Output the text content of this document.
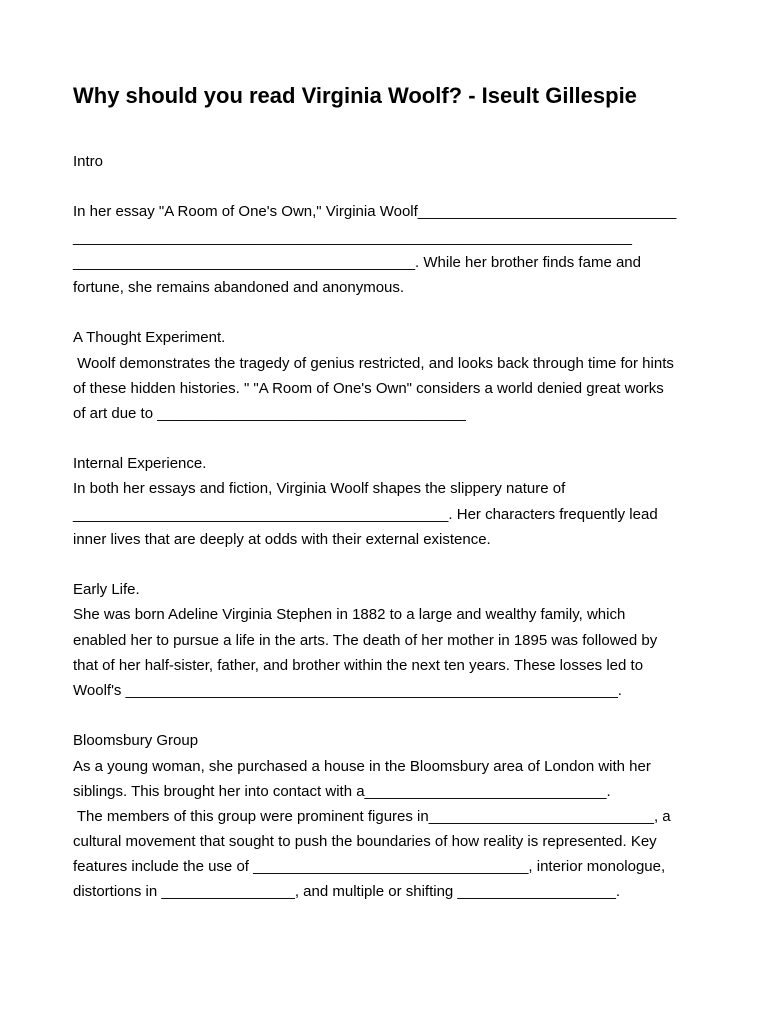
Why should you read Virginia Woolf? - Iseult Gillespie
Intro
In her essay "A Room of One's Own," Virginia Woolf_______________________________
___________________________________________________________________
_________________________________________. While her brother finds fame and
fortune, she remains abandoned and anonymous.
A Thought Experiment.
Woolf demonstrates the tragedy of genius restricted, and looks back through time for hints
of these hidden histories. " "A Room of One's Own" considers a world denied great works
of art due to _____________________________________
Internal Experience.
In both her essays and fiction, Virginia Woolf shapes the slippery nature of
_____________________________________________. Her characters frequently lead
inner lives that are deeply at odds with their external existence.
Early Life.
She was born Adeline Virginia Stephen in 1882 to a large and wealthy family, which
enabled her to pursue a life in the arts. The death of her mother in 1895 was followed by
that of her half-sister, father, and brother within the next ten years. These losses led to
Woolf's ___________________________________________________________.
Bloomsbury Group
As a young woman, she purchased a house in the Bloomsbury area of London with her
siblings. This brought her into contact with a_____________________________.
The members of this group were prominent figures in___________________________, a
cultural movement that sought to push the boundaries of how reality is represented. Key
features include the use of _________________________________, interior monologue,
distortions in ________________, and multiple or shifting ___________________.
